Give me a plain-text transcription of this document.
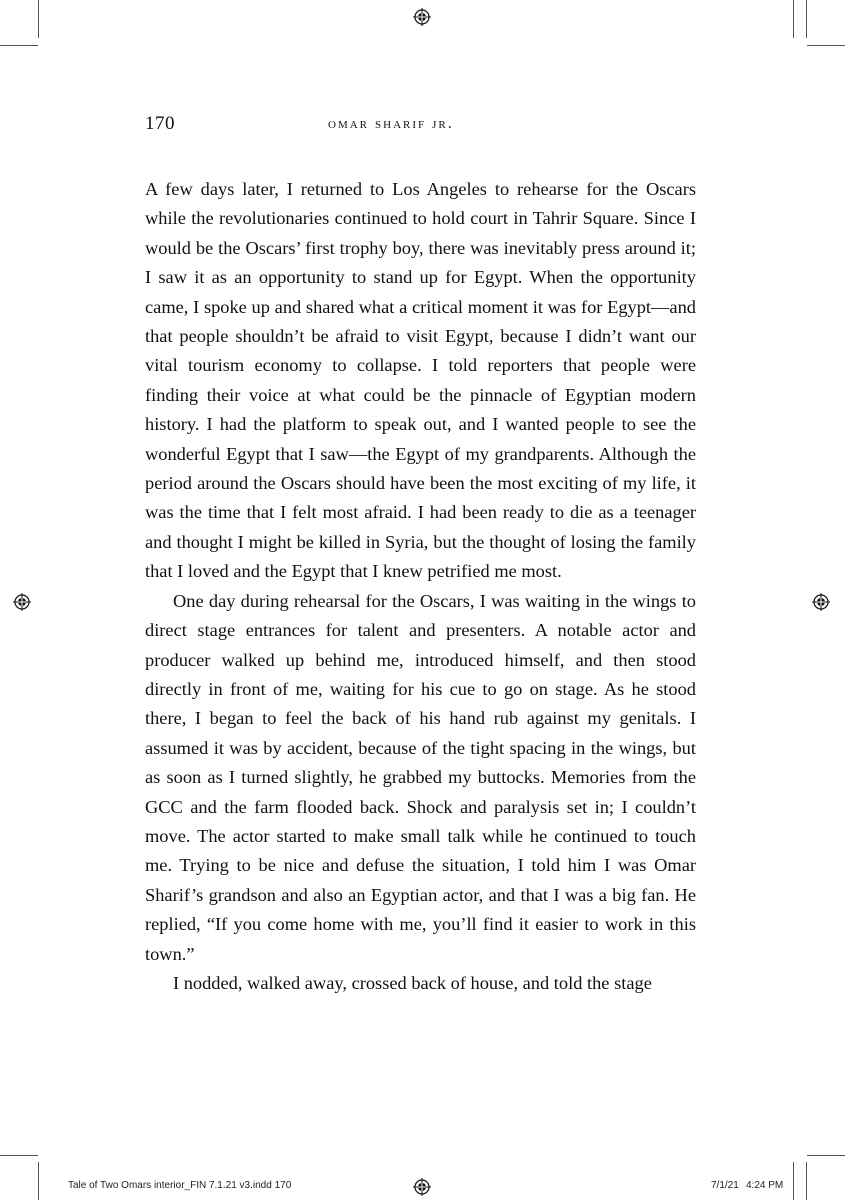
170	omar sharif jr.

A few days later, I returned to Los Angeles to rehearse for the Oscars while the revolutionaries continued to hold court in Tahrir Square. Since I would be the Oscars’ first trophy boy, there was inevitably press around it; I saw it as an opportunity to stand up for Egypt. When the opportunity came, I spoke up and shared what a critical moment it was for Egypt—and that people shouldn’t be afraid to visit Egypt, because I didn’t want our vital tourism economy to collapse. I told reporters that people were finding their voice at what could be the pinnacle of Egyptian modern history. I had the platform to speak out, and I wanted people to see the wonderful Egypt that I saw—the Egypt of my grandparents. Although the period around the Oscars should have been the most exciting of my life, it was the time that I felt most afraid. I had been ready to die as a teenager and thought I might be killed in Syria, but the thought of losing the family that I loved and the Egypt that I knew petrified me most.

One day during rehearsal for the Oscars, I was waiting in the wings to direct stage entrances for talent and presenters. A notable actor and producer walked up behind me, introduced himself, and then stood directly in front of me, waiting for his cue to go on stage. As he stood there, I began to feel the back of his hand rub against my genitals. I assumed it was by accident, because of the tight spacing in the wings, but as soon as I turned slightly, he grabbed my buttocks. Memories from the GCC and the farm flooded back. Shock and paralysis set in; I couldn’t move. The actor started to make small talk while he continued to touch me. Trying to be nice and defuse the situation, I told him I was Omar Sharif’s grandson and also an Egyptian actor, and that I was a big fan. He replied, “If you come home with me, you’ll find it easier to work in this town.”

I nodded, walked away, crossed back of house, and told the stage

Tale of Two Omars interior_FIN 7.1.21 v3.indd 170	7/1/21 4:24 PM
